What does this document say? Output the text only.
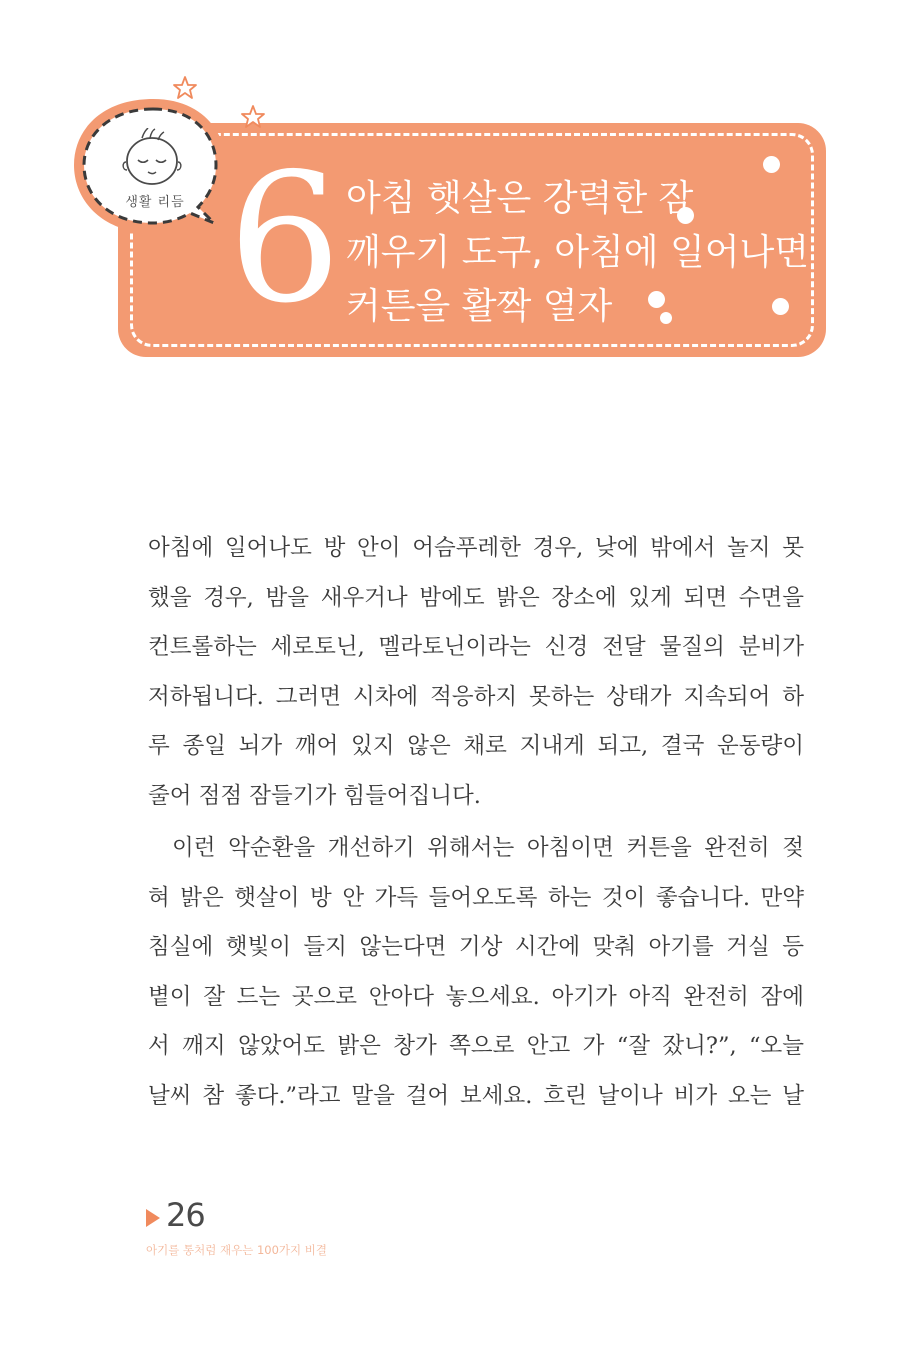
6 아침 햇살은 강력한 잠
깨우기 도구, 아침에 일어나면
커튼을 활짝 열자
생활 리듬
아침에 일어나도 방 안이 어슴푸레한 경우, 낮에 밖에서 놀지 못
했을 경우, 밤을 새우거나 밤에도 밝은 장소에 있게 되면 수면을
컨트롤하는 세로토닌, 멜라토닌이라는 신경 전달 물질의 분비가
저하됩니다. 그러면 시차에 적응하지 못하는 상태가 지속되어 하
루 종일 뇌가 깨어 있지 않은 채로 지내게 되고, 결국 운동량이
줄어 점점 잠들기가 힘들어집니다.
이런 악순환을 개선하기 위해서는 아침이면 커튼을 완전히 젖
혀 밝은 햇살이 방 안 가득 들어오도록 하는 것이 좋습니다. 만약
침실에 햇빛이 들지 않는다면 기상 시간에 맞춰 아기를 거실 등
볕이 잘 드는 곳으로 안아다 놓으세요. 아기가 아직 완전히 잠에
서 깨지 않았어도 밝은 창가 쪽으로 안고 가 “잘 잤니?”, “오늘
날씨 참 좋다.”라고 말을 걸어 보세요. 흐린 날이나 비가 오는 날
26
아기를 통처럼 재우는 100가지 비결
